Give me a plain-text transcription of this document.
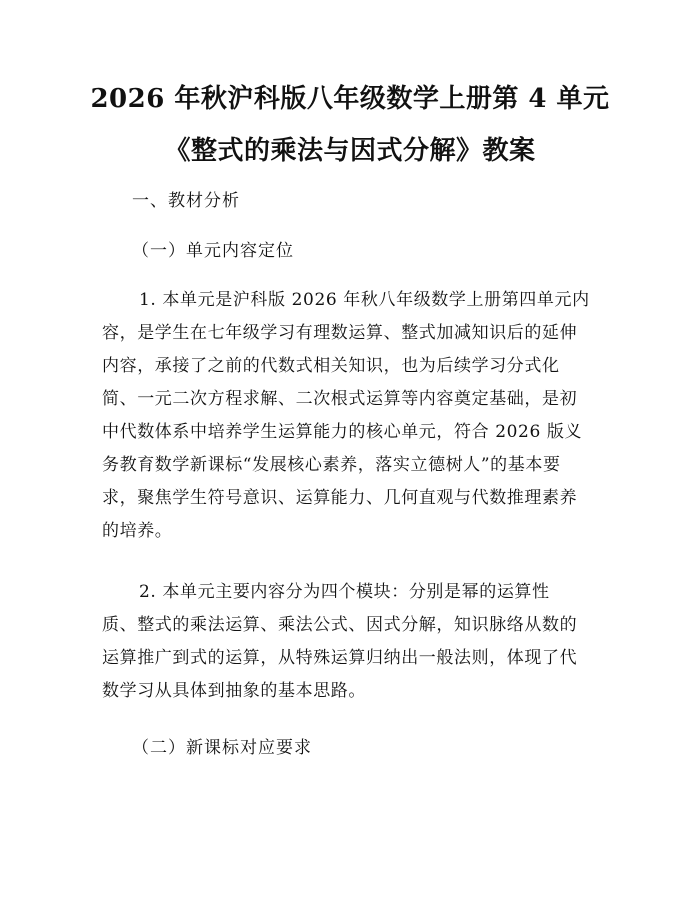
2026 年秋沪科版八年级数学上册第 4 单元
《整式的乘法与因式分解》教案
一、教材分析
（一）单元内容定位
1. 本单元是沪科版 2026 年秋八年级数学上册第四单元内
容，是学生在七年级学习有理数运算、整式加减知识后的延伸
内容，承接了之前的代数式相关知识，也为后续学习分式化
简、一元二次方程求解、二次根式运算等内容奠定基础，是初
中代数体系中培养学生运算能力的核心单元，符合 2026 版义
务教育数学新课标“发展核心素养，落实立德树人”的基本要
求，聚焦学生符号意识、运算能力、几何直观与代数推理素养
的培养。
2. 本单元主要内容分为四个模块：分别是幂的运算性
质、整式的乘法运算、乘法公式、因式分解，知识脉络从数的
运算推广到式的运算，从特殊运算归纳出一般法则，体现了代
数学习从具体到抽象的基本思路。
（二）新课标对应要求
